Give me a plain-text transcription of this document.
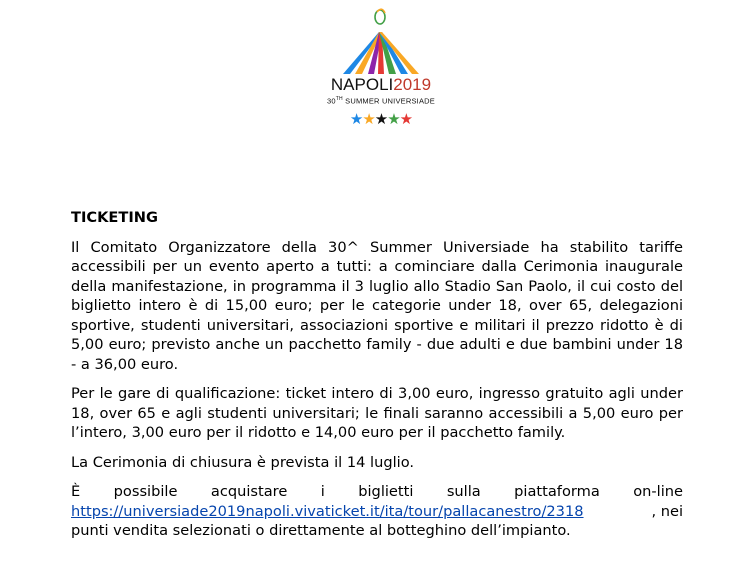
NAPOLI2019
30TH SUMMER UNIVERSIADE
★★★★★
TICKETING

Il Comitato Organizzatore della 30^ Summer Universiade ha stabilito tariffe accessibili per un evento aperto a tutti: a cominciare dalla Cerimonia inaugurale della manifestazione, in programma il 3 luglio allo Stadio San Paolo, il cui costo del biglietto intero è di 15,00 euro; per le categorie under 18, over 65, delegazioni sportive, studenti universitari, associazioni sportive e militari il prezzo ridotto è di 5,00 euro; previsto anche un pacchetto family - due adulti e due bambini under 18 - a 36,00 euro.

Per le gare di qualificazione: ticket intero di 3,00 euro, ingresso gratuito agli under 18, over 65 e agli studenti universitari; le finali saranno accessibili a 5,00 euro per l’intero, 3,00 euro per il ridotto e 14,00 euro per il pacchetto family.

La Cerimonia di chiusura è prevista il 14 luglio.

È possibile acquistare i biglietti sulla piattaforma on-line
https://universiade2019napoli.vivaticket.it/ita/tour/pallacanestro/2318	, nei
punti vendita selezionati o direttamente al botteghino dell’impianto.
